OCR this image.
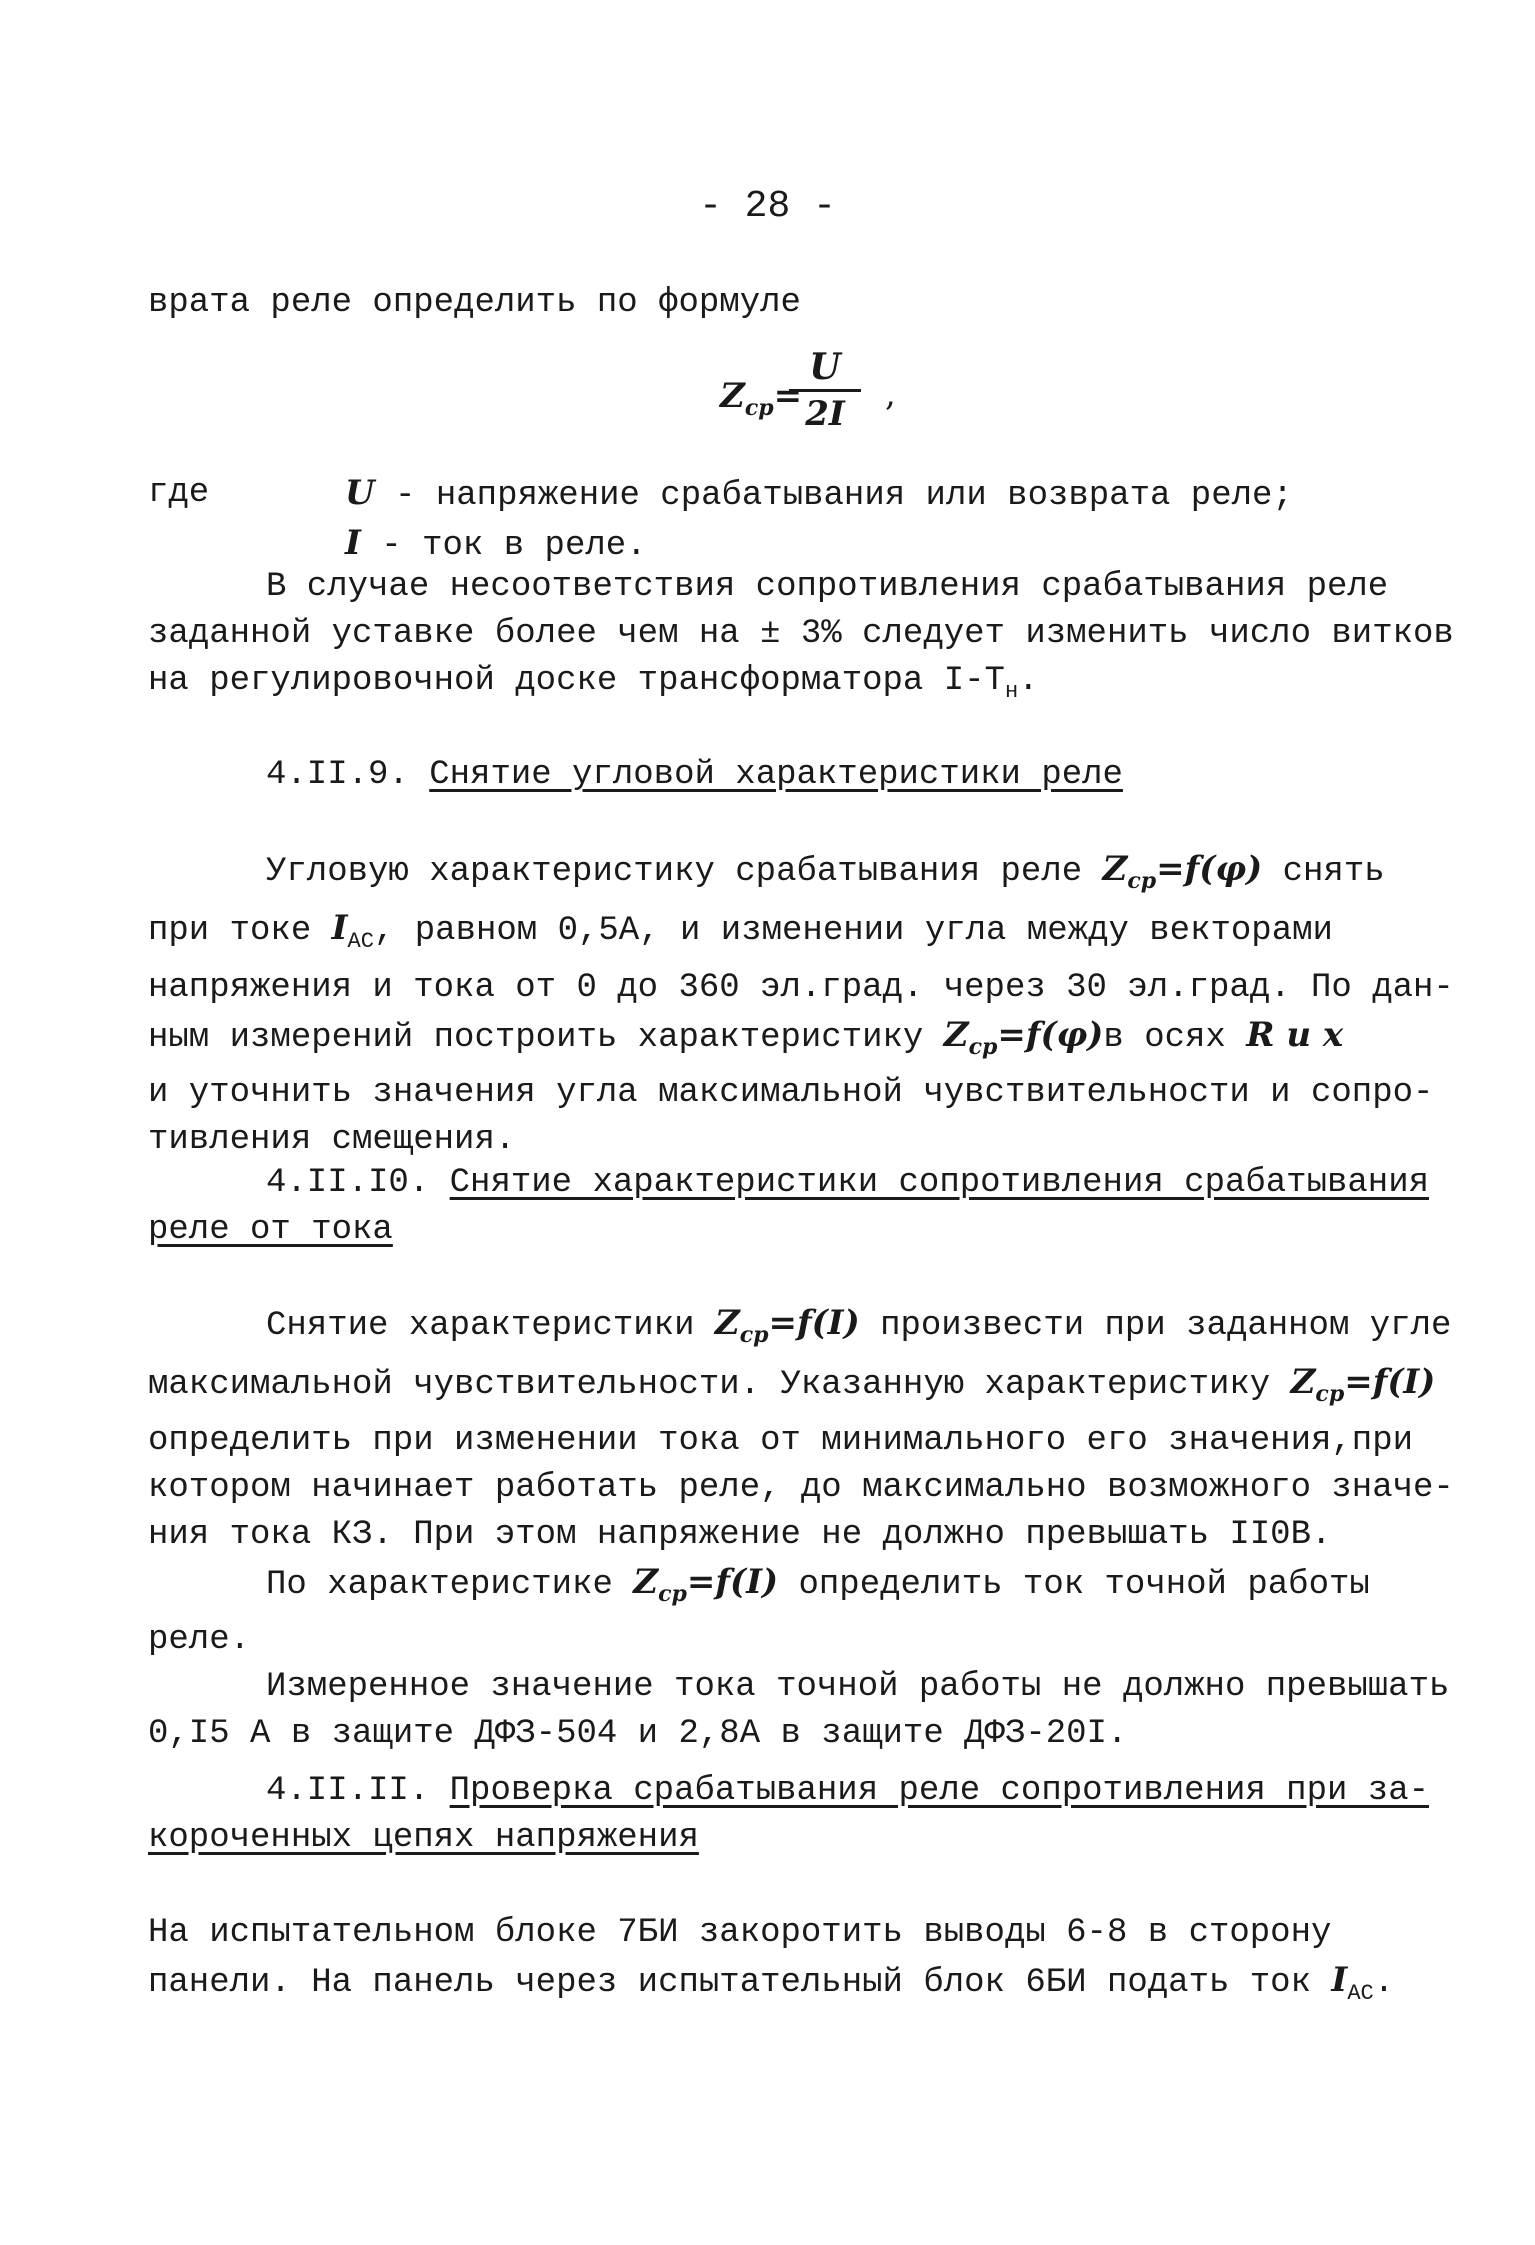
- 28 -
врата реле определить по формуле
$Z_{ср}=$
U
2I	,
где	U - напряжение срабатывания или возврата реле;
I - ток в реле.
В случае несоответствия сопротивления срабатывания реле
заданной уставке более чем на ± 3% следует изменить число витков
на регулировочной доске трансформатора $I-Т_н$.
4.II.9. Снятие угловой характеристики реле
Угловую характеристику срабатывания реле $Z_{ср}=f(\varphi)$ снять
при токе $I_{АС}$, равном 0,5А, и изменении угла между векторами
напряжения и тока от 0 до 360 эл.град. через 30 эл.град. По дан-
ным измерений построить характеристику $Z_{ср}=f(\varphi)в$ осях R и x
и уточнить значения угла максимальной чувствительности и сопро-
тивления смещения.
4.II.I0. Снятие характеристики сопротивления срабатывания
реле от тока
Снятие характеристики $Z_{ср}=f(I)$ произвести при заданном угле
максимальной чувствительности. Указанную характеристику $Z_{ср}=f(I)$
определить при изменении тока от минимального его значения,при
котором начинает работать реле, до максимально возможного значе-
ния тока КЗ. При этом напряжение не должно превышать II0В.
По характеристике $Z_{ср}=f(I)$ определить ток точной работы
реле.
Измеренное значение тока точной работы не должно превышать
0,I5 А в защите ДФЗ-504 и 2,8А в защите ДФЗ-20I.
4.II.II. Проверка срабатывания реле сопротивления при за-
короченных цепях напряжения
На испытательном блоке 7БИ закоротить выводы 6-8 в сторону
панели. На панель через испытательный блок 6БИ подать ток $I_{АС}$.
